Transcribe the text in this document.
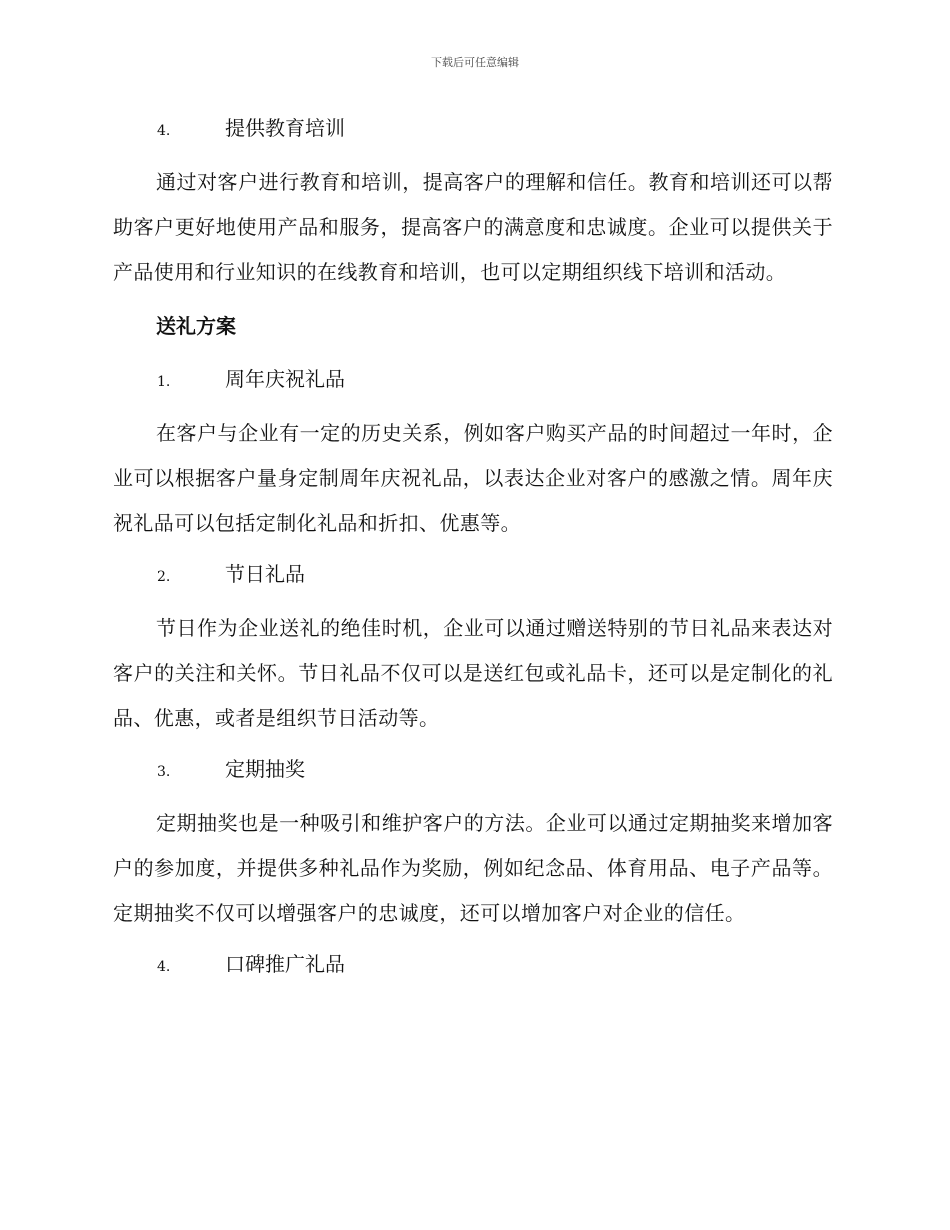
下载后可任意编辑
4.	提供教育培训

通过对客户进行教育和培训，提高客户的理解和信任。教育和培训还可以帮助客户更好地使用产品和服务，提高客户的满意度和忠诚度。企业可以提供关于产品使用和行业知识的在线教育和培训，也可以定期组织线下培训和活动。

送礼方案
1.	周年庆祝礼品

在客户与企业有一定的历史关系，例如客户购买产品的时间超过一年时，企业可以根据客户量身定制周年庆祝礼品，以表达企业对客户的感激之情。周年庆祝礼品可以包括定制化礼品和折扣、优惠等。

2.	节日礼品

节日作为企业送礼的绝佳时机，企业可以通过赠送特别的节日礼品来表达对客户的关注和关怀。节日礼品不仅可以是送红包或礼品卡，还可以是定制化的礼品、优惠，或者是组织节日活动等。

3.	定期抽奖

定期抽奖也是一种吸引和维护客户的方法。企业可以通过定期抽奖来增加客户的参加度，并提供多种礼品作为奖励，例如纪念品、体育用品、电子产品等。定期抽奖不仅可以增强客户的忠诚度，还可以增加客户对企业的信任。

4.	口碑推广礼品
